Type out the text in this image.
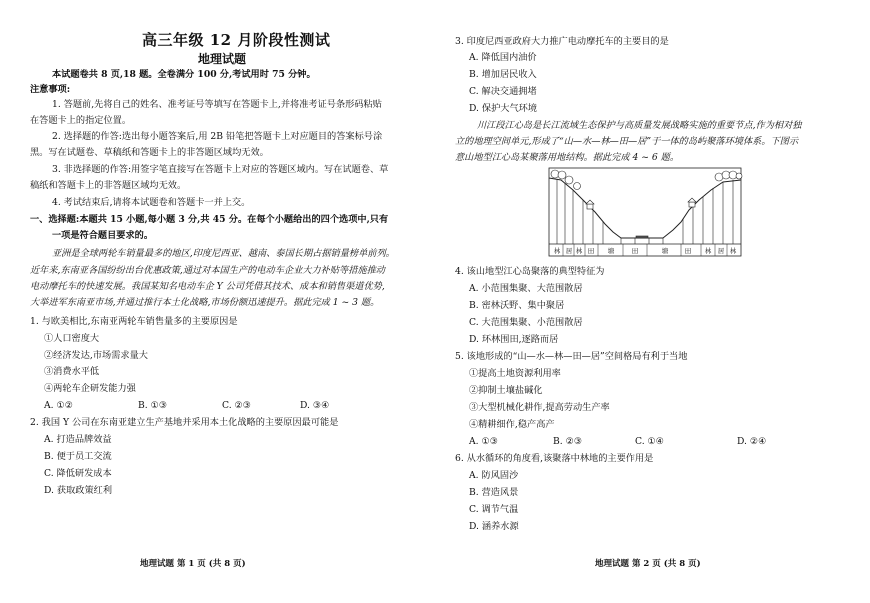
高三年级 12 月阶段性测试
地理试题
本试题卷共 8 页,18 题。全卷满分 100 分,考试用时 75 分钟。
注意事项:
1. 答题前,先将自己的姓名、准考证号等填写在答题卡上,并将准考证号条形码粘贴
在答题卡上的指定位置。
2. 选择题的作答:选出每小题答案后,用 2B 铅笔把答题卡上对应题目的答案标号涂
黑。写在试题卷、草稿纸和答题卡上的非答题区域均无效。
3. 非选择题的作答:用签字笔直接写在答题卡上对应的答题区域内。写在试题卷、草
稿纸和答题卡上的非答题区域均无效。
4. 考试结束后,请将本试题卷和答题卡一并上交。
一、选择题:本题共 15 小题,每小题 3 分,共 45 分。在每个小题给出的四个选项中,只有
一项是符合题目要求的。
亚洲是全球两轮车销量最多的地区,印度尼西亚、越南、泰国长期占据销量榜单前列。
近年来,东南亚各国纷纷出台优惠政策,通过对本国生产的电动车企业大力补贴等措施推动
电动摩托车的快速发展。我国某知名电动车企 Y 公司凭借其技术、成本和销售渠道优势,
大举进军东南亚市场,并通过推行本土化战略,市场份额迅速提升。据此完成 1 ~ 3 题。
1. 与欧美相比,东南亚两轮车销售量多的主要原因是
①人口密度大
②经济发达,市场需求量大
③消费水平低
④两轮车企研发能力强
A. ①②	B. ①③	C. ②③	D. ③④
2. 我国 Y 公司在东南亚建立生产基地并采用本土化战略的主要原因最可能是
A. 打造品牌效益
B. 便于员工交流
C. 降低研发成本
D. 获取政策红利
地理试题 第 1 页 (共 8 页)
3. 印度尼西亚政府大力推广电动摩托车的主要目的是
A. 降低国内油价
B. 增加居民收入
C. 解决交通拥堵
D. 保护大气环境
川江段江心岛是长江流域生态保护与高质量发展战略实施的重要节点,作为相对独
立的地理空间单元,形成了“山—水—林—田—居”于一体的岛屿聚落环境体系。下图示
意山地型江心岛某聚落用地结构。据此完成 4 ~ 6 题。
林 居 林 田 塘	田	塘	田 林 居 林
4. 该山地型江心岛聚落的典型特征为
A. 小范围集聚、大范围散居
B. 密林沃野、集中聚居
C. 大范围集聚、小范围散居
D. 环林围田,逐路而居
5. 该地形成的“山—水—林—田—居”空间格局有利于当地
①提高土地资源利用率
②抑制土壤盐碱化
③大型机械化耕作,提高劳动生产率
④精耕细作,稳产高产
A. ①③	B. ②③	C. ①④	D. ②④
6. 从水循环的角度看,该聚落中林地的主要作用是
A. 防风固沙
B. 营造风景
C. 调节气温
D. 涵养水源
地理试题 第 2 页 (共 8 页)
